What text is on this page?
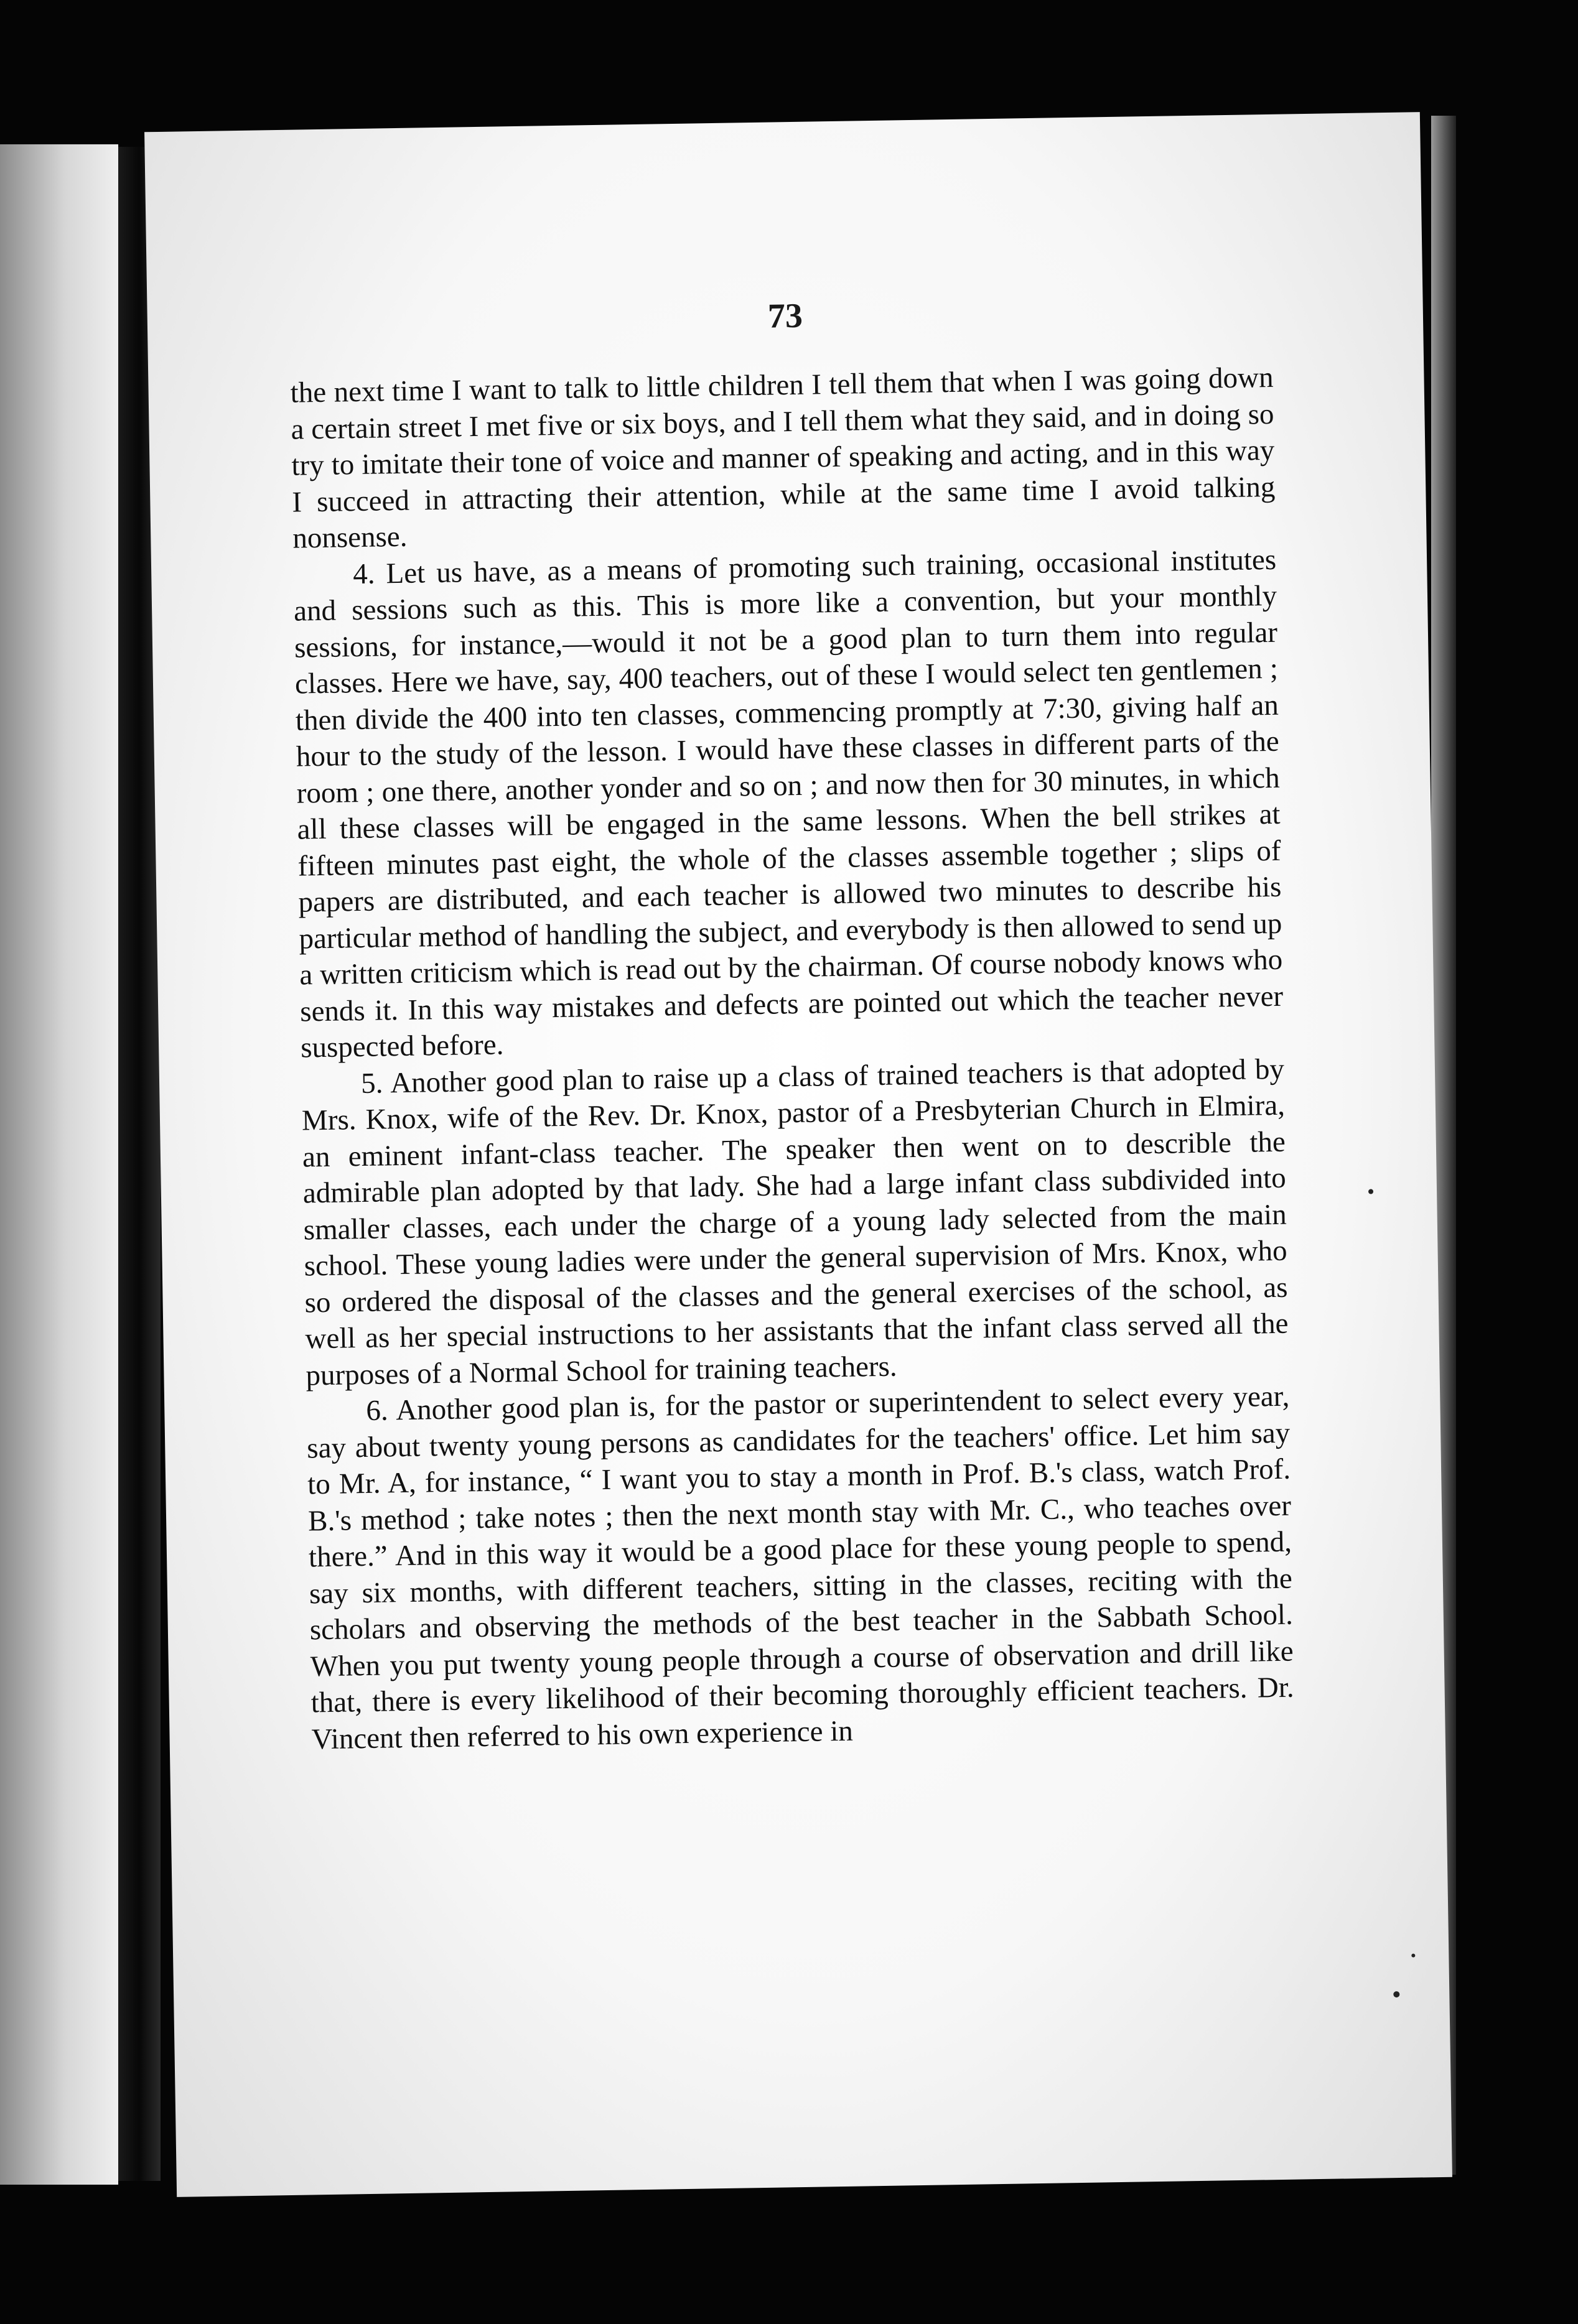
73

the next time I want to talk to little children I tell them that when I was going down a certain street I met five or six boys, and I tell them what they said, and in doing so try to imitate their tone of voice and manner of speaking and acting, and in this way I succeed in attracting their attention, while at the same time I avoid talking nonsense.

4. Let us have, as a means of promoting such training, occasional institutes and sessions such as this. This is more like a convention, but your monthly sessions, for instance,—would it not be a good plan to turn them into regular classes. Here we have, say, 400 teachers, out of these I would select ten gentlemen ; then divide the 400 into ten classes, commencing promptly at 7:30, giving half an hour to the study of the lesson. I would have these classes in different parts of the room ; one there, another yonder and so on ; and now then for 30 minutes, in which all these classes will be engaged in the same lessons. When the bell strikes at fifteen minutes past eight, the whole of the classes assemble together ; slips of papers are distributed, and each teacher is allowed two minutes to describe his particular method of handling the subject, and everybody is then allowed to send up a written criticism which is read out by the chairman. Of course nobody knows who sends it. In this way mistakes and defects are pointed out which the teacher never suspected before.

5. Another good plan to raise up a class of trained teachers is that adopted by Mrs. Knox, wife of the Rev. Dr. Knox, pastor of a Presbyterian Church in Elmira, an eminent infant-class teacher. The speaker then went on to describle the admirable plan adopted by that lady. She had a large infant class subdivided into smaller classes, each under the charge of a young lady selected from the main school. These young ladies were under the general supervision of Mrs. Knox, who so ordered the disposal of the classes and the general exercises of the school, as well as her special instructions to her assistants that the infant class served all the purposes of a Normal School for training teachers.

6. Another good plan is, for the pastor or superintendent to select every year, say about twenty young persons as candidates for the teachers' office. Let him say to Mr. A, for instance, “ I want you to stay a month in Prof. B.'s class, watch Prof. B.'s method ; take notes ; then the next month stay with Mr. C., who teaches over there.” And in this way it would be a good place for these young people to spend, say six months, with different teachers, sitting in the classes, reciting with the scholars and observing the methods of the best teacher in the Sabbath School. When you put twenty young people through a course of observation and drill like that, there is every likelihood of their becoming thoroughly efficient teachers. Dr. Vincent then referred to his own experience in
